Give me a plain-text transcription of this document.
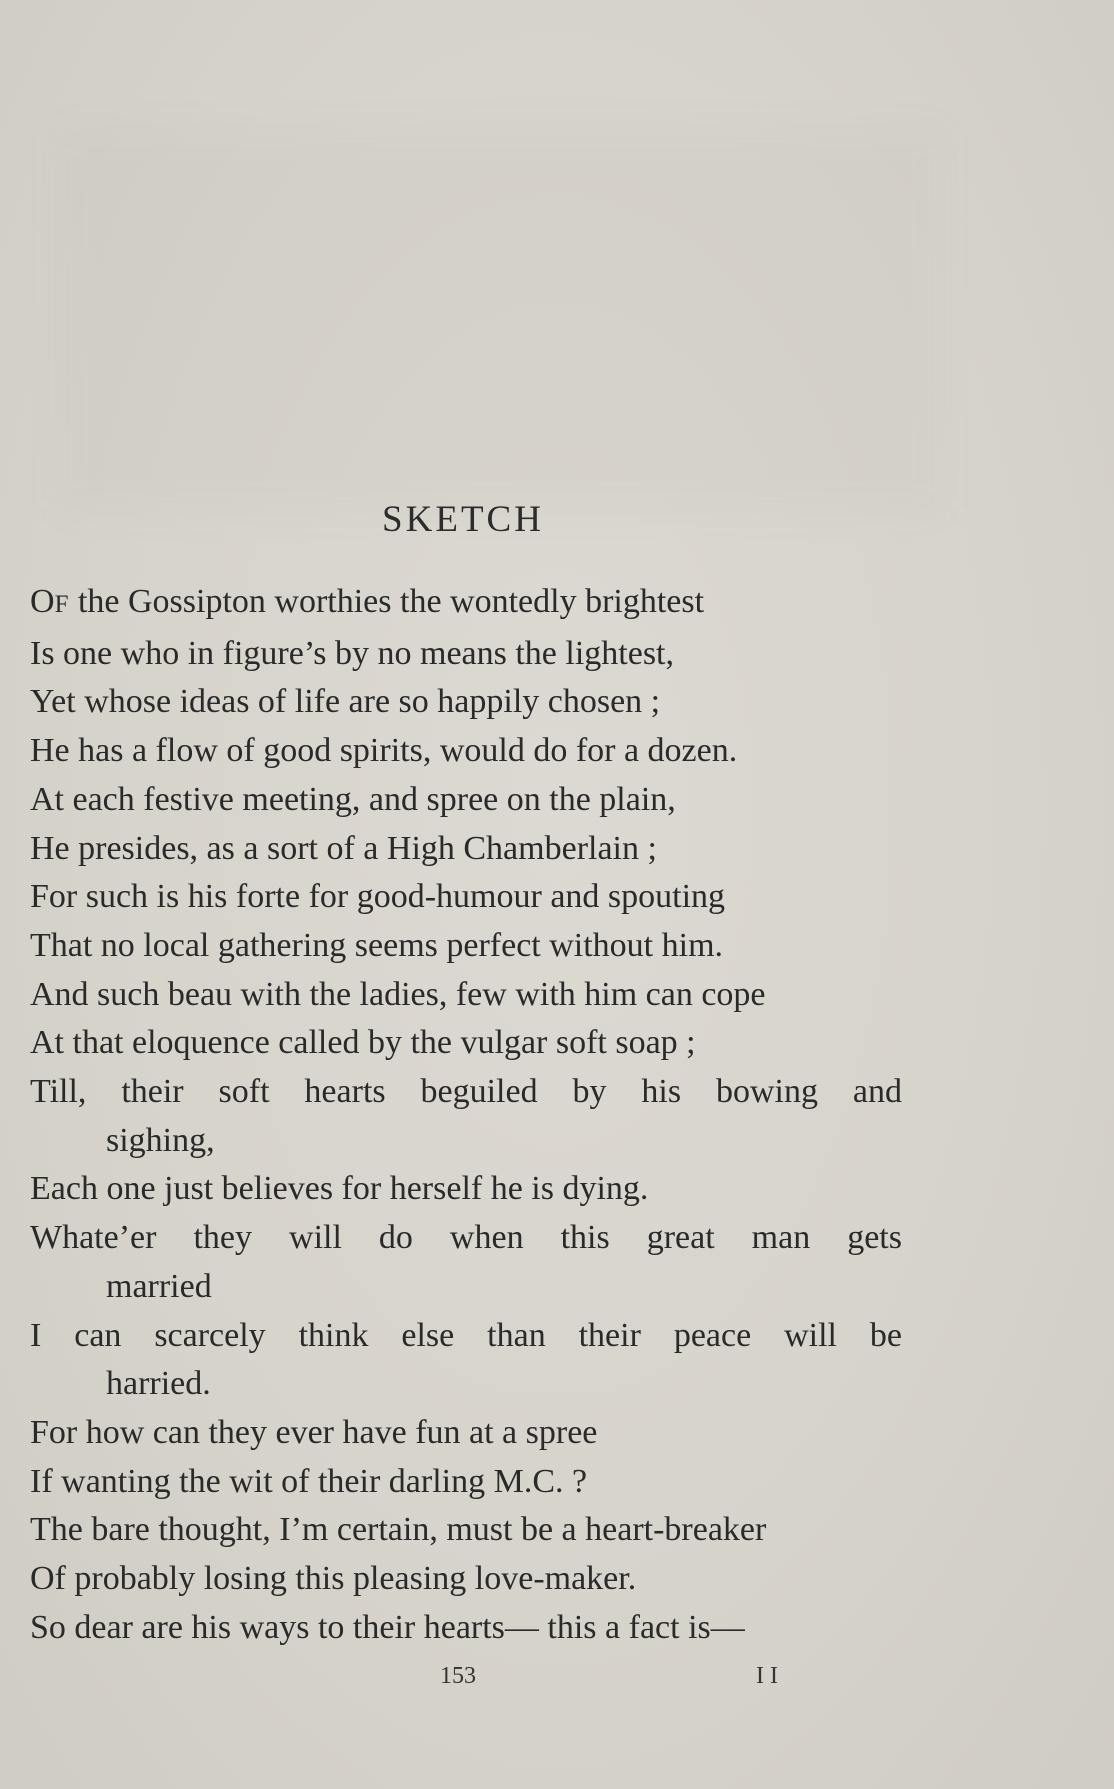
SKETCH
OF the Gossipton worthies the wontedly brightest
Is one who in figure’s by no means the lightest,
Yet whose ideas of life are so happily chosen ;
He has a flow of good spirits, would do for a dozen.
At each festive meeting, and spree on the plain,
He presides, as a sort of a High Chamberlain ;
For such is his forte for good-humour and spouting
That no local gathering seems perfect without him.
And such beau with the ladies, few with him can cope
At that eloquence called by the vulgar soft soap ;
Till, their soft hearts beguiled by his bowing and
sighing,
Each one just believes for herself he is dying.
Whate’er they will do when this great man gets
married
I can scarcely think else than their peace will be
harried.
For how can they ever have fun at a spree
If wanting the wit of their darling M.C. ?
The bare thought, I’m certain, must be a heart-breaker
Of probably losing this pleasing love-maker.
So dear are his ways to their hearts— this a fact is—
153	II
